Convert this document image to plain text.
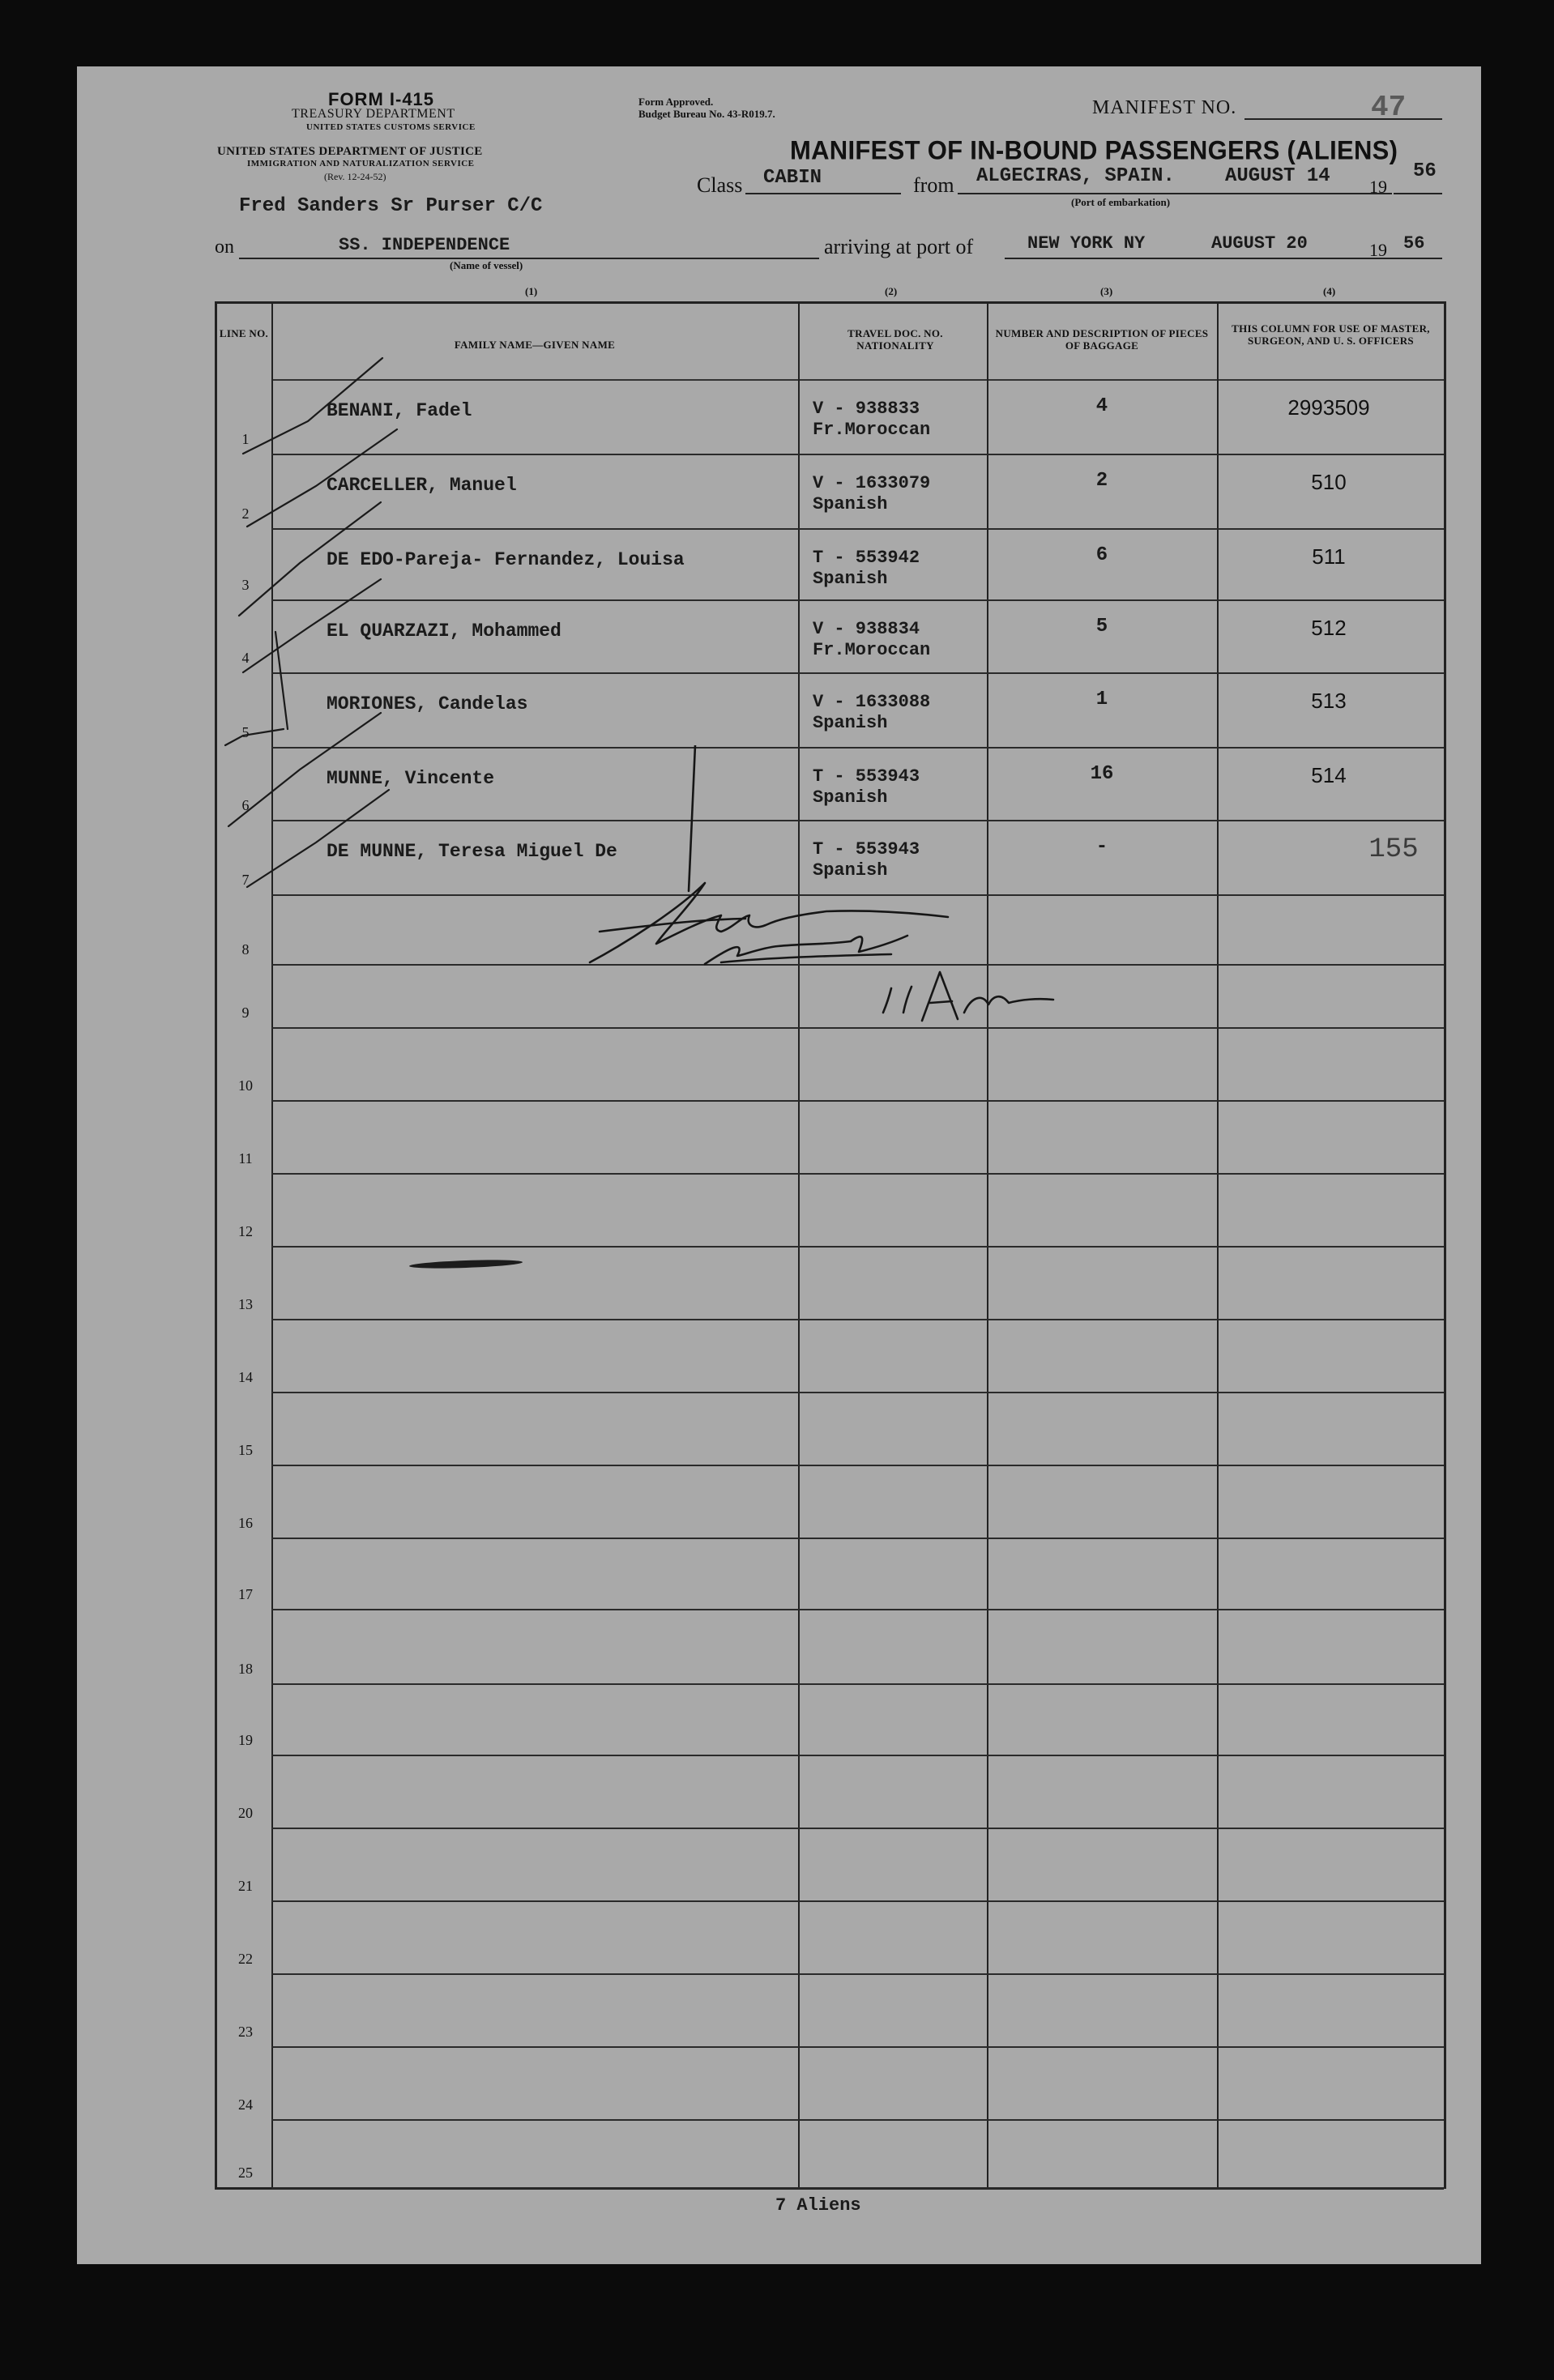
FORM I-415
TREASURY DEPARTMENT
UNITED STATES CUSTOMS SERVICE
UNITED STATES DEPARTMENT OF JUSTICE
IMMIGRATION AND NATURALIZATION SERVICE
(Rev. 12-24-52)
Fred Sanders Sr Purser C/C
Form Approved.
Budget Bureau No. 43-R019.7.	MANIFEST NO.	47
MANIFEST OF IN-BOUND PASSENGERS (ALIENS)
Class CABIN	from ALGECIRAS, SPAIN.	AUGUST 14 19
56
(Port of embarkation)
on	SS. INDEPENDENCE
(Name of vessel)
arriving at port of	NEW YORK NY	AUGUST 20	19 56
(1)	(2)	(3)	(4)
LINE NO.
FAMILY NAME—GIVEN NAME
TRAVEL DOC. NO. NATIONALITY
NUMBER AND DESCRIPTION OF PIECES OF BAGGAGE
THIS COLUMN FOR USE OF MASTER, SURGEON, AND U. S. OFFICERS
1
BENANI, Fadel	V - 938833
Fr.Moroccan
4	2993509
2
CARCELLER, Manuel	V - 1633079
Spanish
2	510
3
DE EDO-Pareja- Fernandez, Louisa	T - 553942
Spanish
6	511
4
EL QUARZAZI, Mohammed	V - 938834
Fr.Moroccan
5	512
5
MORIONES, Candelas	V - 1633088
Spanish
1	513
6
MUNNE, Vincente	T - 553943
Spanish
16	514
7
DE MUNNE, Teresa Miguel De	T - 553943
Spanish
-	155
8
9
10
11
12
13
14
15
16
17
18
19
20
21
22
23
24
25
7 Aliens
